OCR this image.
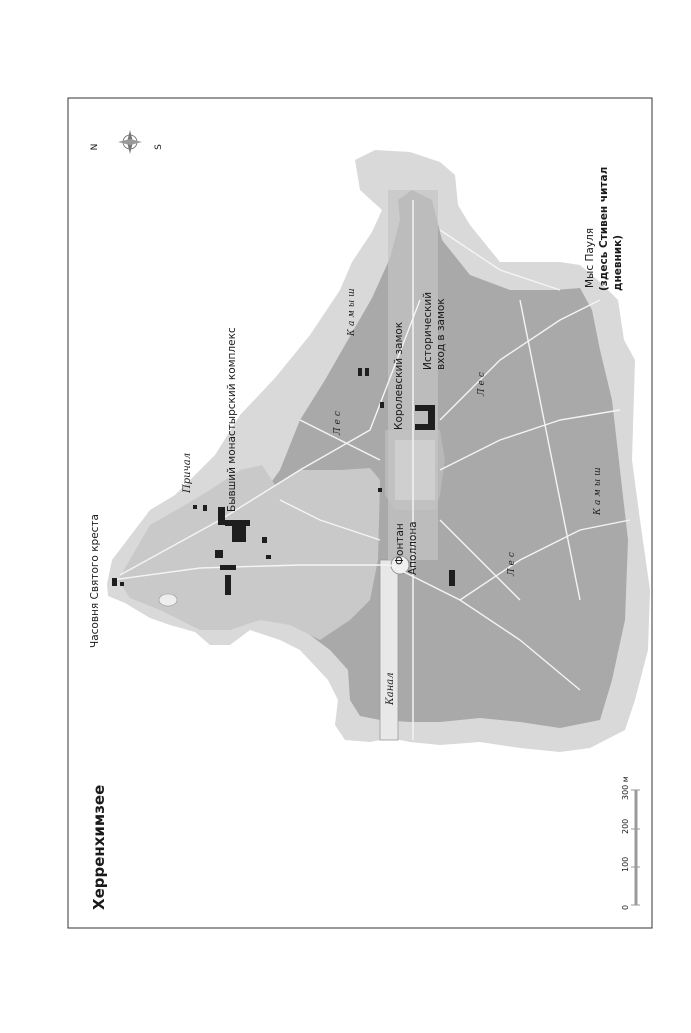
N	S
Херренхимзее	0
100
200
300 м
Часовня Святого креста
Причал	Бывший монастырский комплекс
Фонтан Аполлона
Королевский замок Исторический вход в замок
Канал
Камыш
Камыш
Лес
Лес
Лес
Мыс Пауля (здесь Стивен читал дневник)
